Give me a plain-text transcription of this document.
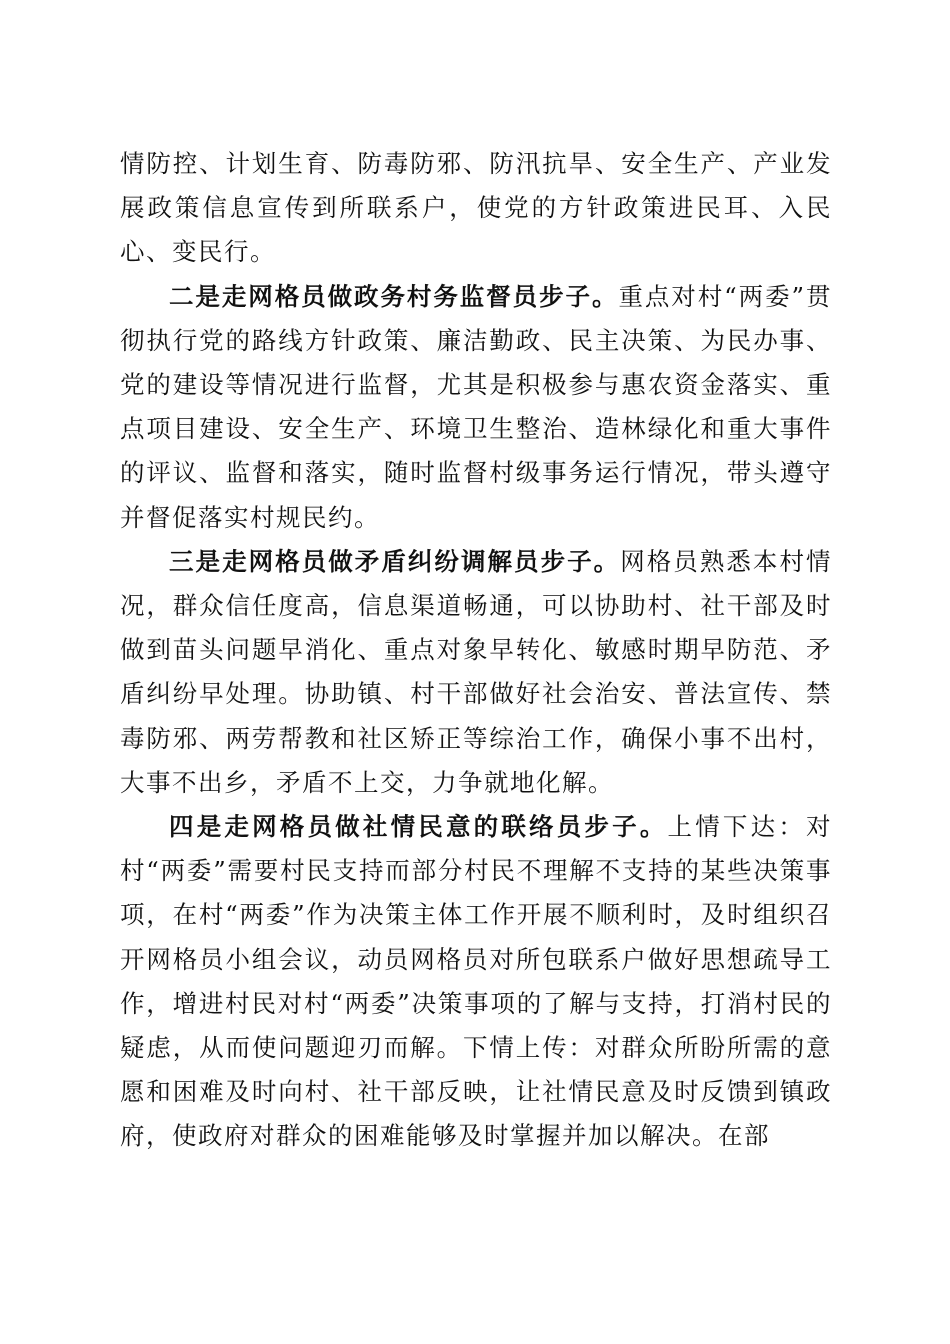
情防控、计划生育、防毒防邪、防汛抗旱、安全生产、产业发展政策信息宣传到所联系户，使党的方针政策进民耳、入民心、变民行。

二是走网格员做政务村务监督员步子。重点对村“两委”贯彻执行党的路线方针政策、廉洁勤政、民主决策、为民办事、党的建设等情况进行监督，尤其是积极参与惠农资金落实、重点项目建设、安全生产、环境卫生整治、造林绿化和重大事件的评议、监督和落实，随时监督村级事务运行情况，带头遵守并督促落实村规民约。

三是走网格员做矛盾纠纷调解员步子。网格员熟悉本村情况，群众信任度高，信息渠道畅通，可以协助村、社干部及时做到苗头问题早消化、重点对象早转化、敏感时期早防范、矛盾纠纷早处理。协助镇、村干部做好社会治安、普法宣传、禁毒防邪、两劳帮教和社区矫正等综治工作，确保小事不出村，大事不出乡，矛盾不上交，力争就地化解。

四是走网格员做社情民意的联络员步子。上情下达：对村“两委”需要村民支持而部分村民不理解不支持的某些决策事项，在村“两委”作为决策主体工作开展不顺利时，及时组织召开网格员小组会议，动员网格员对所包联系户做好思想疏导工作，增进村民对村“两委”决策事项的了解与支持，打消村民的疑虑，从而使问题迎刃而解。下情上传：对群众所盼所需的意愿和困难及时向村、社干部反映，让社情民意及时反馈到镇政府，使政府对群众的困难能够及时掌握并加以解决。在部
